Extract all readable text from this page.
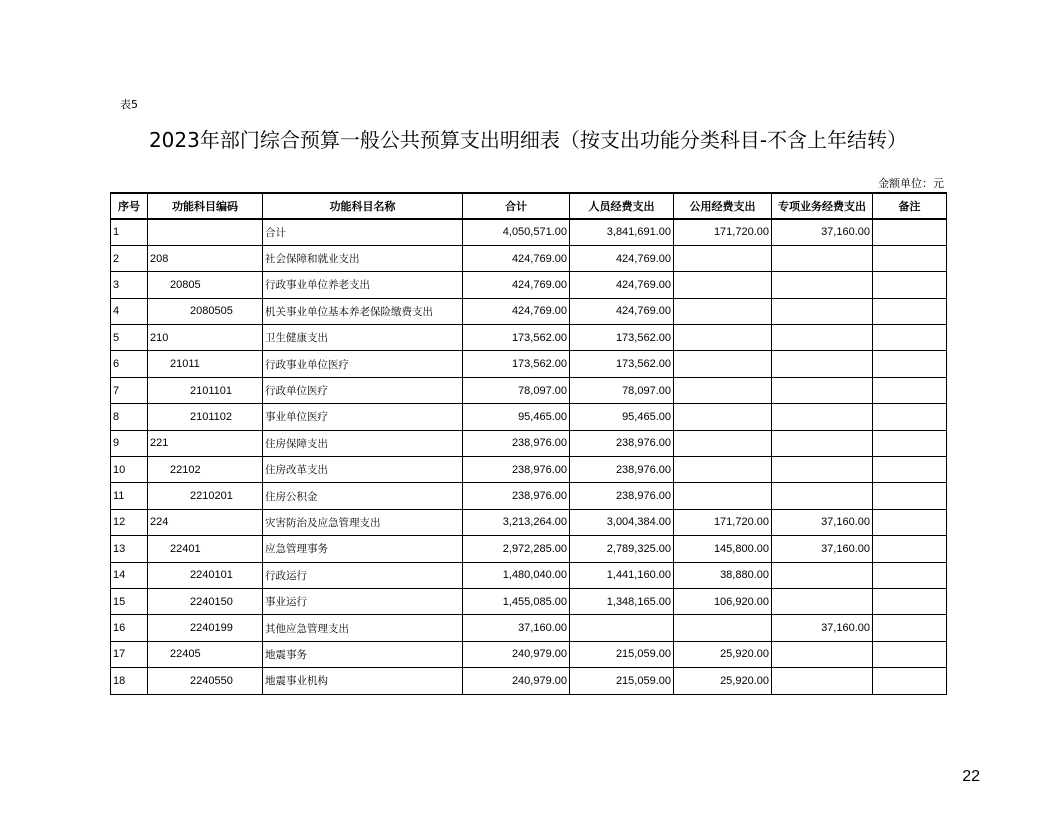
表5
2023年部门综合预算一般公共预算支出明细表（按支出功能分类科目-不含上年结转）
金额单位：元
序号	功能科目编码	功能科目名称	合计	人员经费支出	公用经费支出	专项业务经费支出	备注
1		合计	4,050,571.00	3,841,691.00	171,720.00	37,160.00	
2	208	社会保障和就业支出	424,769.00	424,769.00			
3	20805	行政事业单位养老支出	424,769.00	424,769.00			
4	2080505	机关事业单位基本养老保险缴费支出	424,769.00	424,769.00			
5	210	卫生健康支出	173,562.00	173,562.00			
6	21011	行政事业单位医疗	173,562.00	173,562.00			
7	2101101	行政单位医疗	78,097.00	78,097.00			
8	2101102	事业单位医疗	95,465.00	95,465.00			
9	221	住房保障支出	238,976.00	238,976.00			
10	22102	住房改革支出	238,976.00	238,976.00			
11	2210201	住房公积金	238,976.00	238,976.00			
12	224	灾害防治及应急管理支出	3,213,264.00	3,004,384.00	171,720.00	37,160.00	
13	22401	应急管理事务	2,972,285.00	2,789,325.00	145,800.00	37,160.00	
14	2240101	行政运行	1,480,040.00	1,441,160.00	38,880.00		
15	2240150	事业运行	1,455,085.00	1,348,165.00	106,920.00		
16	2240199	其他应急管理支出	37,160.00			37,160.00	
17	22405	地震事务	240,979.00	215,059.00	25,920.00		
18	2240550	地震事业机构	240,979.00	215,059.00	25,920.00		
22
